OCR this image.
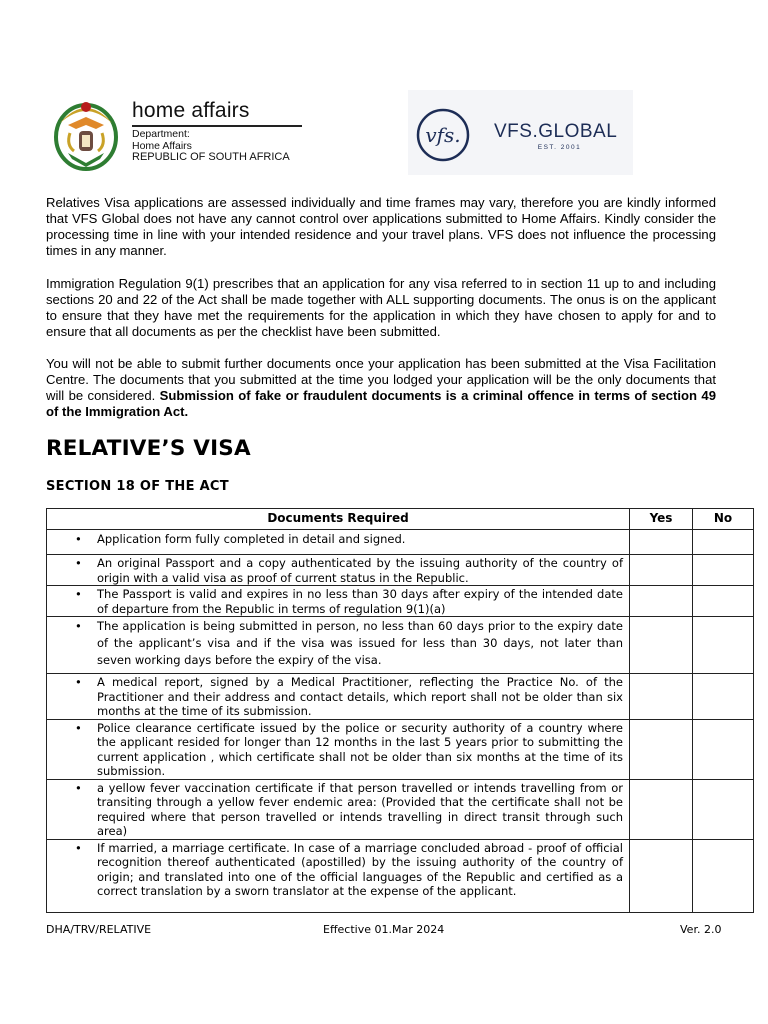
home affairs
Department:
Home Affairs
REPUBLIC OF SOUTH AFRICA
vfs. VFS.GLOBAL
EST. 2001

Relatives Visa applications are assessed individually and time frames may vary, therefore you are kindly informed that VFS Global does not have any cannot control over applications submitted to Home Affairs. Kindly consider the processing time in line with your intended residence and your travel plans. VFS does not influence the processing times in any manner.

Immigration Regulation 9(1) prescribes that an application for any visa referred to in section 11 up to and including sections 20 and 22 of the Act shall be made together with ALL supporting documents. The onus is on the applicant to ensure that they have met the requirements for the application in which they have chosen to apply for and to ensure that all documents as per the checklist have been submitted.

You will not be able to submit further documents once your application has been submitted at the Visa Facilitation Centre. The documents that you submitted at the time you lodged your application will be the only documents that will be considered. Submission of fake or fraudulent documents is a criminal offence in terms of section 49 of the Immigration Act.

RELATIVE’S VISA
SECTION 18 OF THE ACT
Documents Required	Yes	No

• Application form fully completed in detail and signed.		

• An original Passport and a copy authenticated by the issuing authority of the country of origin with a valid visa as proof of current status in the Republic.		

• The Passport is valid and expires in no less than 30 days after expiry of the intended date of departure from the Republic in terms of regulation 9(1)(a)		

• The application is being submitted in person, no less than 60 days prior to the expiry date of the applicant’s visa and if the visa was issued for less than 30 days, not later than seven working days before the expiry of the visa.		

• A medical report, signed by a Medical Practitioner, reflecting the Practice No. of the Practitioner and their address and contact details, which report shall not be older than six months at the time of its submission.		

• Police clearance certificate issued by the police or security authority of a country where the applicant resided for longer than 12 months in the last 5 years prior to submitting the current application , which certificate shall not be older than six months at the time of its submission.		

• a yellow fever vaccination certificate if that person travelled or intends travelling from or transiting through a yellow fever endemic area: (Provided that the certificate shall not be required where that person travelled or intends travelling in direct transit through such area)		

• If married, a marriage certificate. In case of a marriage concluded abroad - proof of official recognition thereof authenticated (apostilled) by the issuing authority of the country of origin; and translated into one of the official languages of the Republic and certified as a correct translation by a sworn translator at the expense of the applicant.		

DHA/TRV/RELATIVE	Effective 01.Mar 2024	Ver. 2.0
